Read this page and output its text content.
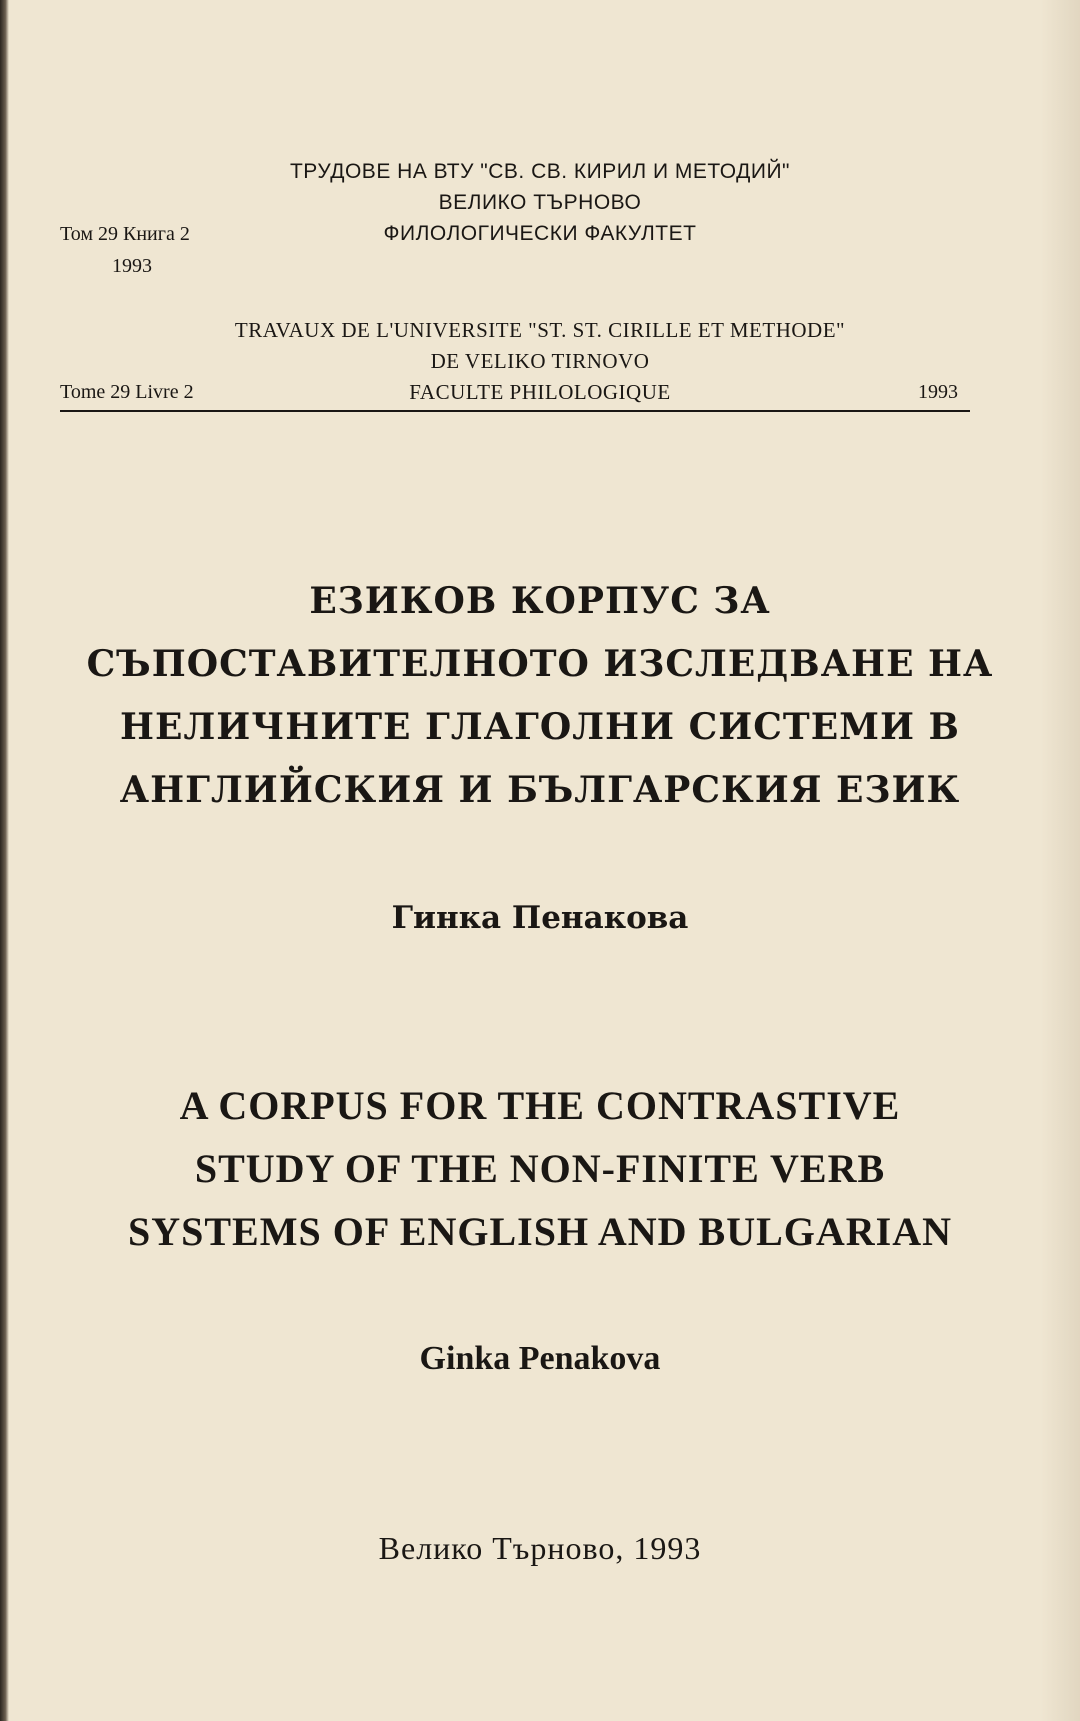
ТРУДОВЕ НА ВТУ "СВ. СВ. КИРИЛ И МЕТОДИЙ"

ВЕЛИКО ТЪРНОВО

ФИЛОЛОГИЧЕСКИ ФАКУЛТЕТ

Том 29 Книга 2

1993

TRAVAUX DE L'UNIVERSITE "ST. ST. CIRILLE ET METHODE"

DE VELIKO TIRNOVO

FACULTE PHILOLOGIQUE

Tome 29 Livre 2	1993

ЕЗИКОВ КОРПУС ЗА

СЪПОСТАВИТЕЛНОТО ИЗСЛЕДВАНЕ НА

НЕЛИЧНИТЕ ГЛАГОЛНИ СИСТЕМИ В

АНГЛИЙСКИЯ И БЪЛГАРСКИЯ ЕЗИК

Гинка Пенакова

A CORPUS FOR THE CONTRASTIVE

STUDY OF THE NON-FINITE VERB

SYSTEMS OF ENGLISH AND BULGARIAN

Ginka Penakova

Велико Търново, 1993
